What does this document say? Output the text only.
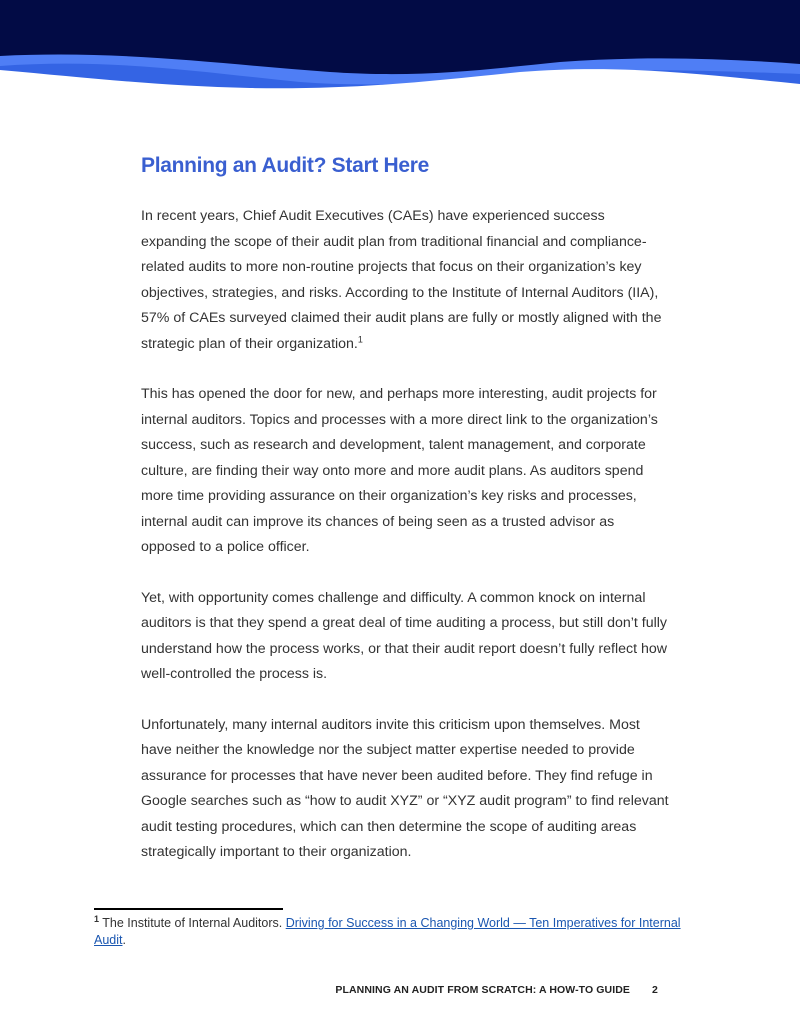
Planning an Audit? Start Here

In recent years, Chief Audit Executives (CAEs) have experienced success expanding the scope of their audit plan from traditional financial and compliance-related audits to more non-routine projects that focus on their organization’s key objectives, strategies, and risks. According to the Institute of Internal Auditors (IIA), 57% of CAEs surveyed claimed their audit plans are fully or mostly aligned with the strategic plan of their organization.$^1$

This has opened the door for new, and perhaps more interesting, audit projects for internal auditors. Topics and processes with a more direct link to the organization’s success, such as research and development, talent management, and corporate culture, are finding their way onto more and more audit plans. As auditors spend more time providing assurance on their organization’s key risks and processes, internal audit can improve its chances of being seen as a trusted advisor as opposed to a police officer.

Yet, with opportunity comes challenge and difficulty. A common knock on internal auditors is that they spend a great deal of time auditing a process, but still don’t fully understand how the process works, or that their audit report doesn’t fully reflect how well-controlled the process is.

Unfortunately, many internal auditors invite this criticism upon themselves. Most have neither the knowledge nor the subject matter expertise needed to provide assurance for processes that have never been audited before. They find refuge in Google searches such as “how to audit XYZ” or “XYZ audit program” to find relevant audit testing procedures, which can then determine the scope of auditing areas strategically important to their organization.

$^1$ The Institute of Internal Auditors. Driving for Success in a Changing World — Ten Imperatives for Internal Audit.

PLANNING AN AUDIT FROM SCRATCH: A HOW-TO GUIDE 2
